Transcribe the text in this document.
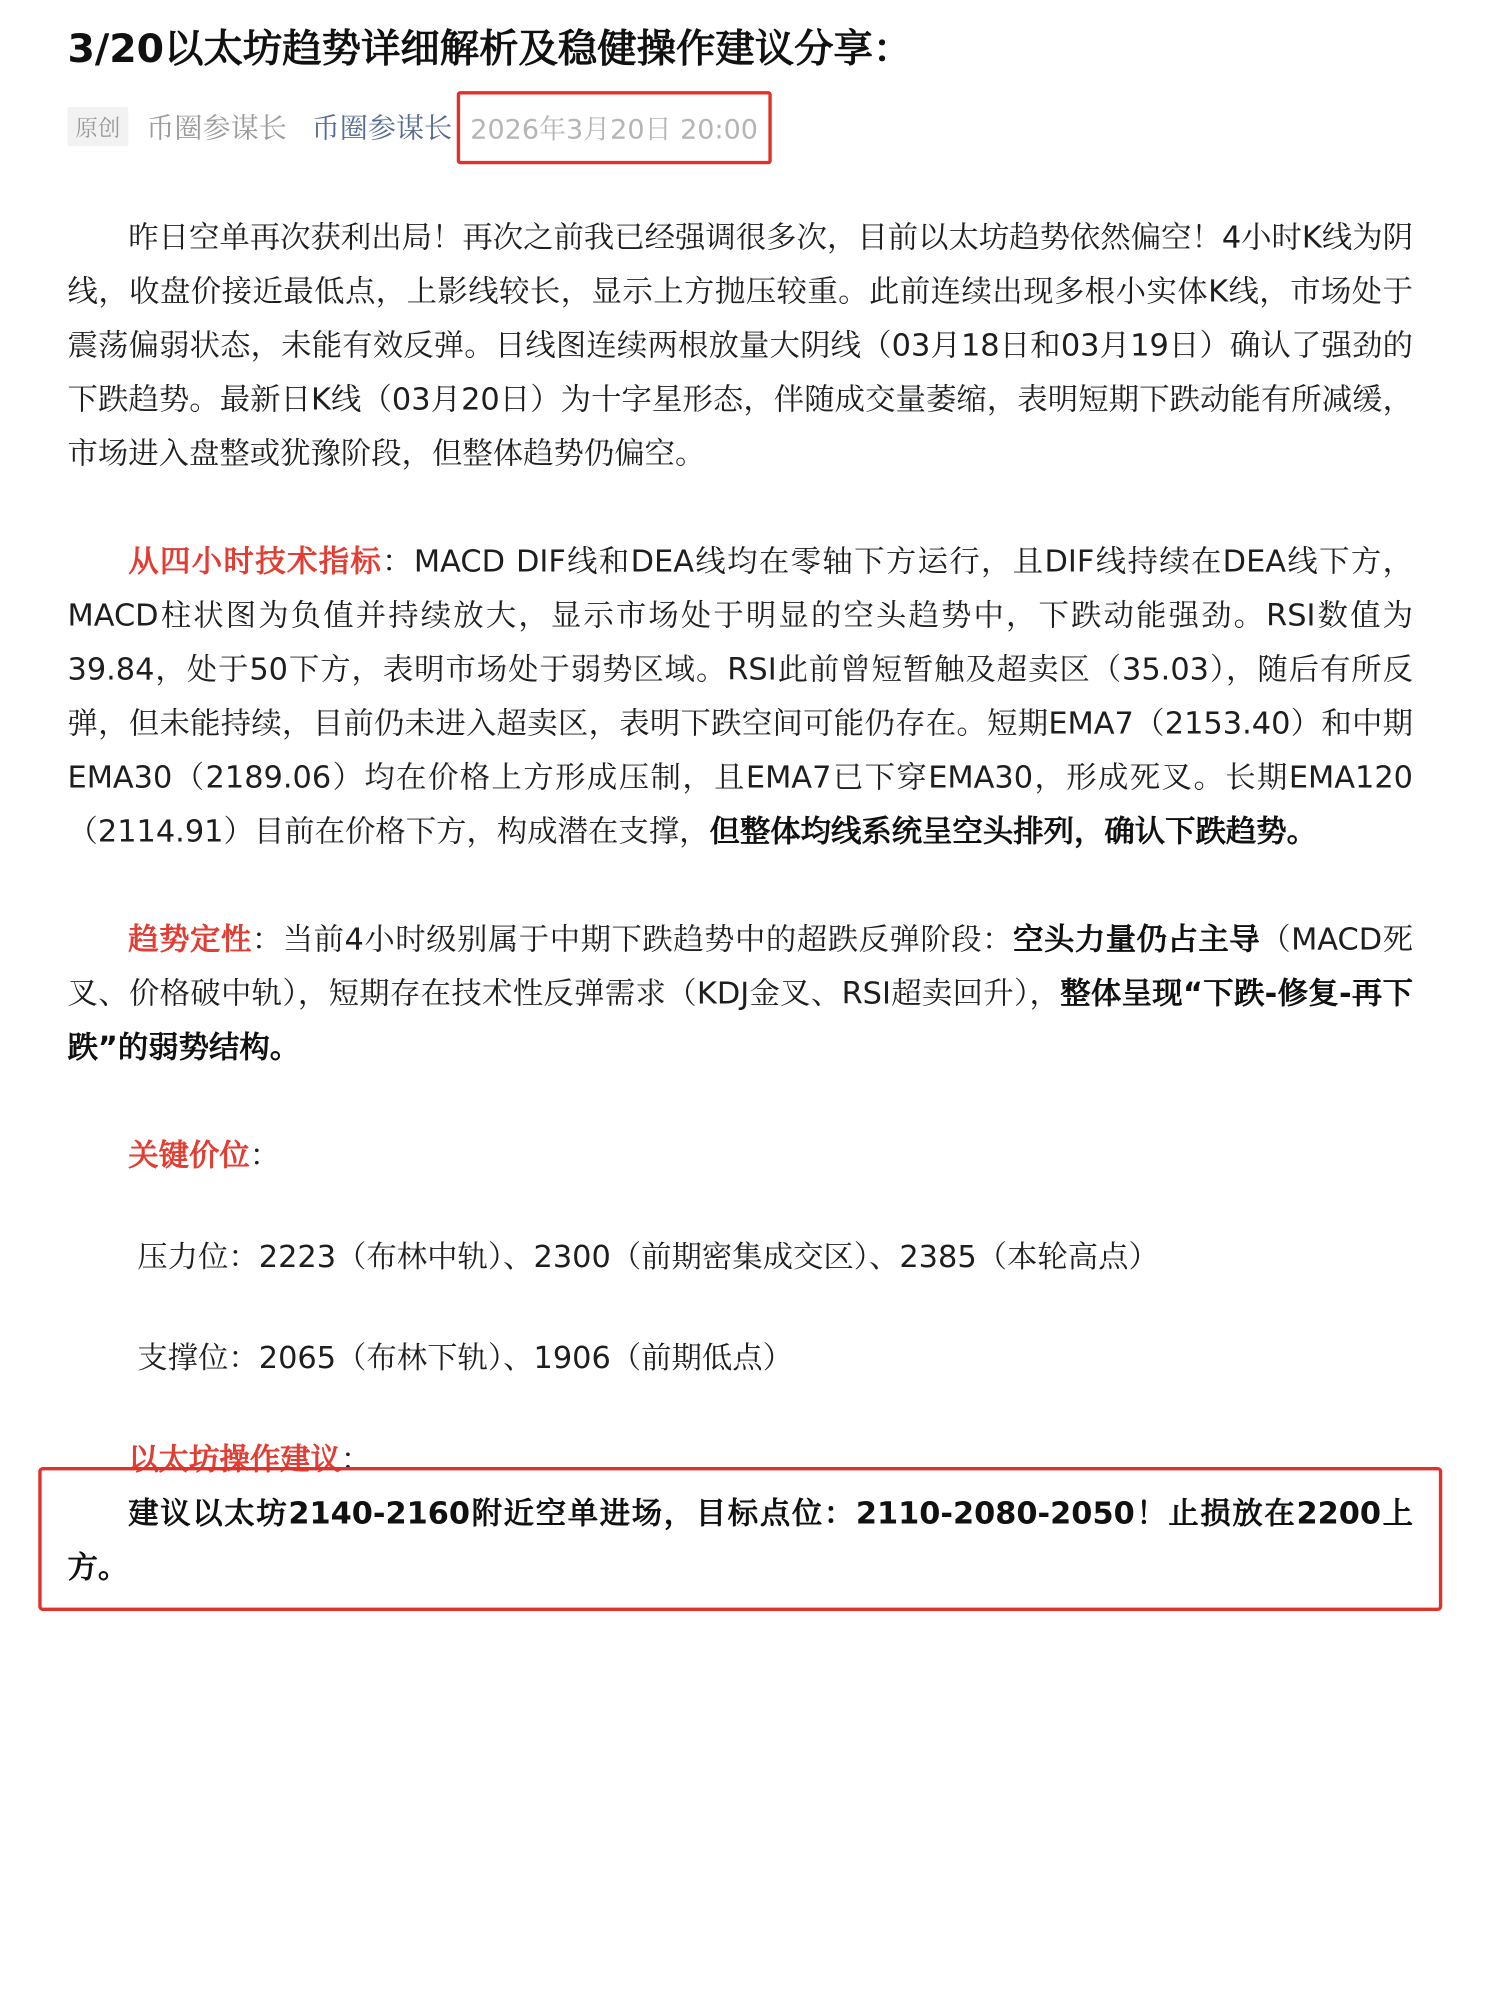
3/20以太坊趋势详细解析及稳健操作建议分享：
原创	币圈参谋长 币圈参谋长 2026年3月20日 20:00

昨日空单再次获利出局！再次之前我已经强调很多次，目前以太坊趋势依然偏空！4小时K线为阴线，收盘价接近最低点，上影线较长，显示上方抛压较重。此前连续出现多根小实体K线，市场处于震荡偏弱状态，未能有效反弹。日线图连续两根放量大阴线（03月18日和03月19日）确认了强劲的下跌趋势。最新日K线（03月20日）为十字星形态，伴随成交量萎缩，表明短期下跌动能有所减缓，市场进入盘整或犹豫阶段，但整体趋势仍偏空。

从四小时技术指标：MACD DIF线和DEA线均在零轴下方运行，且DIF线持续在DEA线下方，MACD柱状图为负值并持续放大，显示市场处于明显的空头趋势中，下跌动能强劲。RSI数值为39.84，处于50下方，表明市场处于弱势区域。RSI此前曾短暂触及超卖区（35.03），随后有所反弹，但未能持续，目前仍未进入超卖区，表明下跌空间可能仍存在。短期EMA7（2153.40）和中期EMA30（2189.06）均在价格上方形成压制，且EMA7已下穿EMA30，形成死叉。长期EMA120（2114.91）目前在价格下方，构成潜在支撑，但整体均线系统呈空头排列，确认下跌趋势。

趋势定性：当前4小时级别属于中期下跌趋势中的超跌反弹阶段：空头力量仍占主导（MACD死叉、价格破中轨），短期存在技术性反弹需求（KDJ金叉、RSI超卖回升），整体呈现“下跌-修复-再下跌”的弱势结构。

关键价位：

压力位：2223（布林中轨）、2300（前期密集成交区）、2385（本轮高点）

支撑位：2065（布林下轨）、1906（前期低点）

以太坊操作建议：

建议以太坊2140-2160附近空单进场，目标点位：2110-2080-2050！止损放在2200上方。
